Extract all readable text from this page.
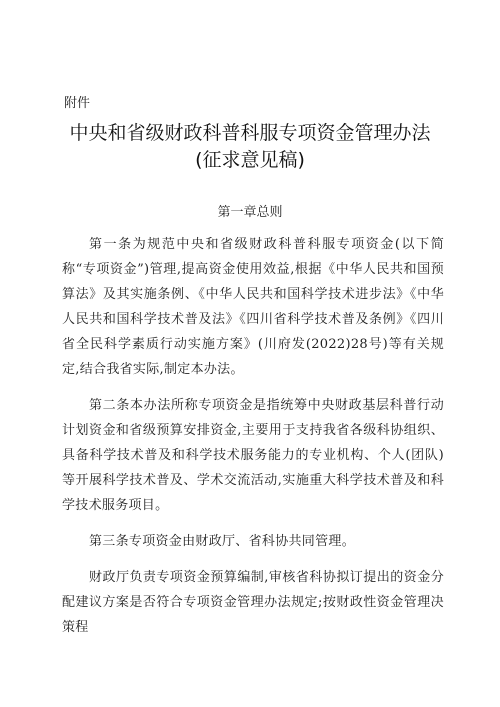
附件
中央和省级财政科普科服专项资金管理办法
(征求意见稿)
第一章总则

第一条为规范中央和省级财政科普科服专项资金(以下简称“专项资金”)管理,提高资金使用效益,根据《中华人民共和国预算法》及其实施条例、《中华人民共和国科学技术进步法》《中华人民共和国科学技术普及法》《四川省科学技术普及条例》《四川省全民科学素质行动实施方案》(川府发(2022)28号)等有关规定,结合我省实际,制定本办法。

第二条本办法所称专项资金是指统筹中央财政基层科普行动计划资金和省级预算安排资金,主要用于支持我省各级科协组织、具备科学技术普及和科学技术服务能力的专业机构、个人(团队)等开展科学技术普及、学术交流活动,实施重大科学技术普及和科学技术服务项目。

第三条专项资金由财政厅、省科协共同管理。

财政厅负责专项资金预算编制,审核省科协拟订提出的资金分配建议方案是否符合专项资金管理办法规定;按财政性资金管理决策程
